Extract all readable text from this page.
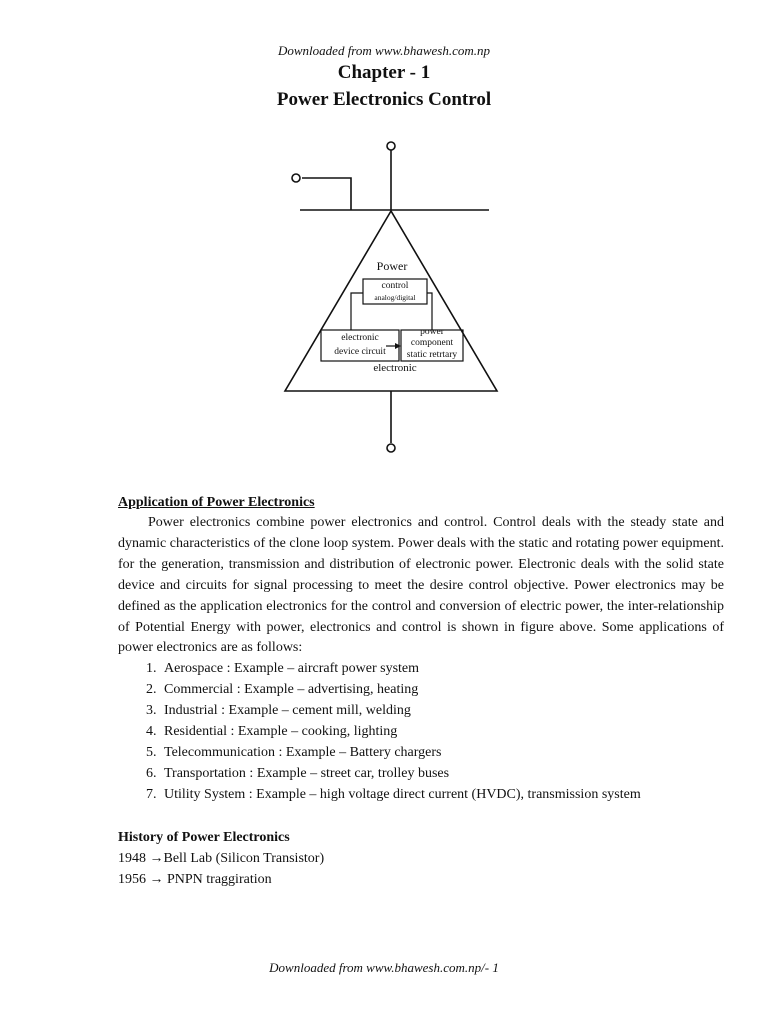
Downloaded from www.bhawesh.com.np
Chapter - 1
Power Electronics Control
Power
control
analog/digital
electronic
device circuit
power
component
static retrtary
electronic
Application of Power Electronics

Power electronics combine power electronics and control. Control deals with the steady state and dynamic characteristics of the clone loop system. Power deals with the static and rotating power equipment. for the generation, transmission and distribution of electronic power. Electronic deals with the solid state device and circuits for signal processing to meet the desire control objective. Power electronics may be defined as the application electronics for the control and conversion of electric power, the inter-relationship of Potential Energy with power, electronics and control is shown in figure above. Some applications of power electronics are as follows:

1. Aerospace : Example – aircraft power system
2. Commercial : Example – advertising, heating
3. Industrial : Example – cement mill, welding
4. Residential : Example – cooking, lighting
5. Telecommunication : Example – Battery chargers
6. Transportation : Example – street car, trolley buses
7. Utility System : Example – high voltage direct current (HVDC), transmission system
History of Power Electronics
1948 →Bell Lab (Silicon Transistor)
1956 → PNPN traggiration
Downloaded from www.bhawesh.com.np/- 1
